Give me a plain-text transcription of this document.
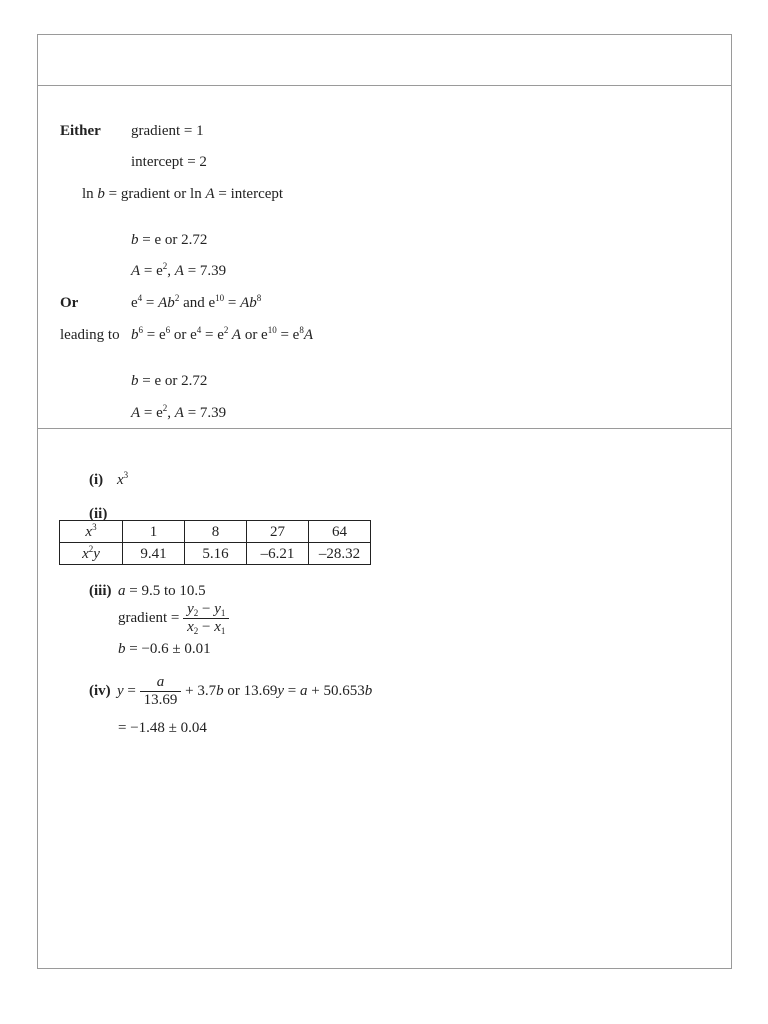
Either gradient = 1
intercept = 2
ln b = gradient or ln A = intercept
b = e or 2.72
$A = e^2$, A = 7.39
Or	$e^4 = Ab^2$ and $e^{10} = Ab^8$
leading to $b^6 = e^6$ or $e^4 = e^2$ A or $e^{10} = e^8A$
b = e or 2.72
$A = e^2$, A = 7.39
(i) $x^3$
(ii)
$x^3$	1	8	27	64
$x^2y$	9.41	5.16	–6.21	–28.32
(iii) a = 9.5 to 10.5
gradient = $\frac{y_2 - y_1}{x_2 - x_1}$
b = −0.6 ± 0.01
(iv) $y = \frac{a}{13.69} + 3.7b$ or 13.69y = a + 50.653b
= −1.48 ± 0.04
